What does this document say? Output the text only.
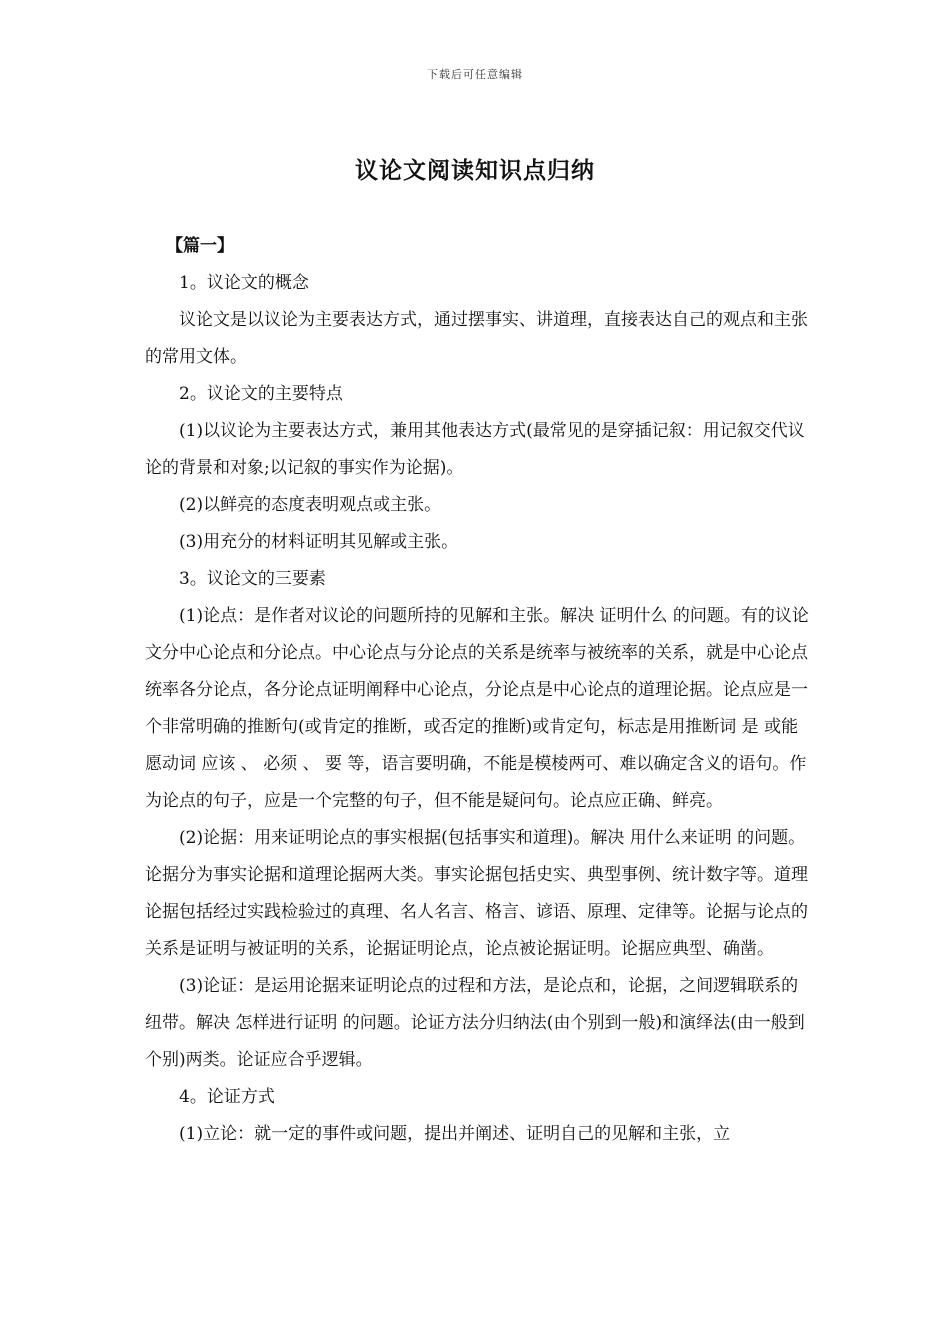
下载后可任意编辑
议论文阅读知识点归纳

【篇一】

1。议论文的概念

议论文是以议论为主要表达方式，通过摆事实、讲道理，直接表达自己的观点和主张的常用文体。

2。议论文的主要特点

(1)以议论为主要表达方式，兼用其他表达方式(最常见的是穿插记叙：用记叙交代议论的背景和对象;以记叙的事实作为论据)。

(2)以鲜亮的态度表明观点或主张。

(3)用充分的材料证明其见解或主张。

3。议论文的三要素

(1)论点：是作者对议论的问题所持的见解和主张。解决 证明什么 的问题。有的议论文分中心论点和分论点。中心论点与分论点的关系是统率与被统率的关系，就是中心论点统率各分论点，各分论点证明阐释中心论点，分论点是中心论点的道理论据。论点应是一个非常明确的推断句(或肯定的推断，或否定的推断)或肯定句，标志是用推断词 是 或能愿动词 应该 、 必须 、 要 等，语言要明确，不能是模棱两可、难以确定含义的语句。作为论点的句子，应是一个完整的句子，但不能是疑问句。论点应正确、鲜亮。

(2)论据：用来证明论点的事实根据(包括事实和道理)。解决 用什么来证明 的问题。论据分为事实论据和道理论据两大类。事实论据包括史实、典型事例、统计数字等。道理论据包括经过实践检验过的真理、名人名言、格言、谚语、原理、定律等。论据与论点的关系是证明与被证明的关系，论据证明论点，论点被论据证明。论据应典型、确凿。

(3)论证：是运用论据来证明论点的过程和方法，是论点和，论据，之间逻辑联系的纽带。解决 怎样进行证明 的问题。论证方法分归纳法(由个别到一般)和演绎法(由一般到个别)两类。论证应合乎逻辑。

4。论证方式

(1)立论：就一定的事件或问题，提出并阐述、证明自己的见解和主张，立
